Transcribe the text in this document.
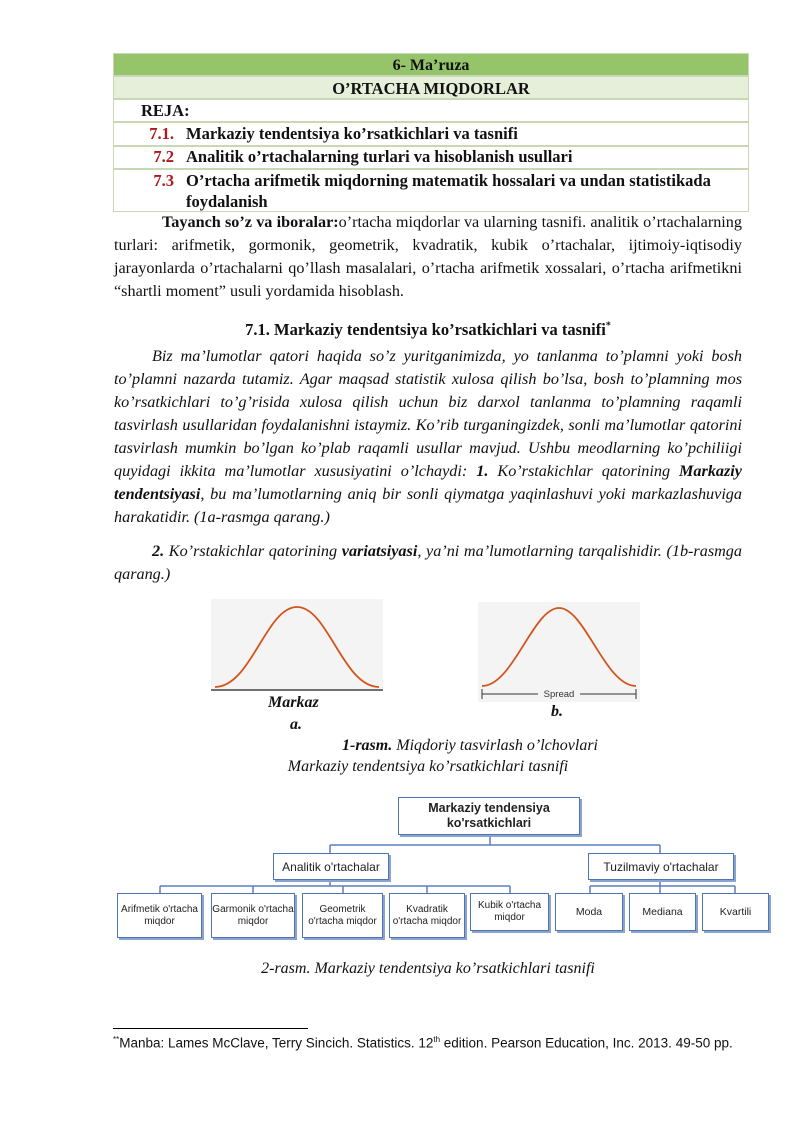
6- Ma’ruza
O’RTACHA MIQDORLAR
REJA:
7.1. Markaziy tendentsiya ko’rsatkichlari va tasnifi
7.2 Analitik o’rtachalarning turlari va hisoblanish usullari
7.3 O’rtacha arifmetik miqdorning matematik hossalari va undan statistikada foydalanish
Tayanch so’z va iboralar:o’rtacha miqdorlar va ularning tasnifi. analitik o’rtachalarning turlari: arifmetik, gormonik, geometrik, kvadratik, kubik o’rtachalar, ijtimoiy-iqtisodiy jarayonlarda o’rtachalarni qo’llash masalalari, o’rtacha arifmetik xossalari, o’rtacha arifmetikni “shartli moment” usuli yordamida hisoblash.
7.1. Markaziy tendentsiya ko’rsatkichlari va tasnifi*
Biz ma’lumotlar qatori haqida so’z yuritganimizda, yo tanlanma to’plamni yoki bosh to’plamni nazarda tutamiz. Agar maqsad statistik xulosa qilish bo’lsa, bosh to’plamning mos ko’rsatkichlari to’g’risida xulosa qilish uchun biz darxol tanlanma to’plamning raqamli tasvirlash usullaridan foydalanishni istaymiz. Ko’rib turganingizdek, sonli ma’lumotlar qatorini tasvirlash mumkin bo’lgan ko’plab raqamli usullar mavjud. Ushbu meodlarning ko’pchiliigi quyidagi ikkita ma’lumotlar xususiyatini o’lchaydi: 1. Ko’rstakichlar qatorining Markaziy tendentsiyasi, bu ma’lumotlarning aniq bir sonli qiymatga yaqinlashuvi yoki markazlashuviga harakatidir. (1a-rasmga qarang.)
2. Ko’rstakichlar qatorining variatsiyasi, ya’ni ma’lumotlarning tarqalishidir. (1b-rasmga qarang.)
Markaz
a.
Spread
b.
1-rasm. Miqdoriy tasvirlash o’lchovlari
Markaziy tendentsiya ko’rsatkichlari tasnifi
Markaziy tendensiya ko'rsatkichlari
Analitik o'rtachalar	Tuzilmaviy o'rtachalar
Arifmetik o'rtacha miqdor
Garmonik o'rtacha miqdor
Geometrik o'rtacha miqdor
Kvadratik o'rtacha miqdor
Kubik o'rtacha miqdor	Moda	Mediana	Kvartili
2-rasm. Markaziy tendentsiya ko’rsatkichlari tasnifi
**Manba: Lames McClave, Terry Sincich. Statistics. 12th edition. Pearson Education, Inc. 2013. 49-50 pp.
